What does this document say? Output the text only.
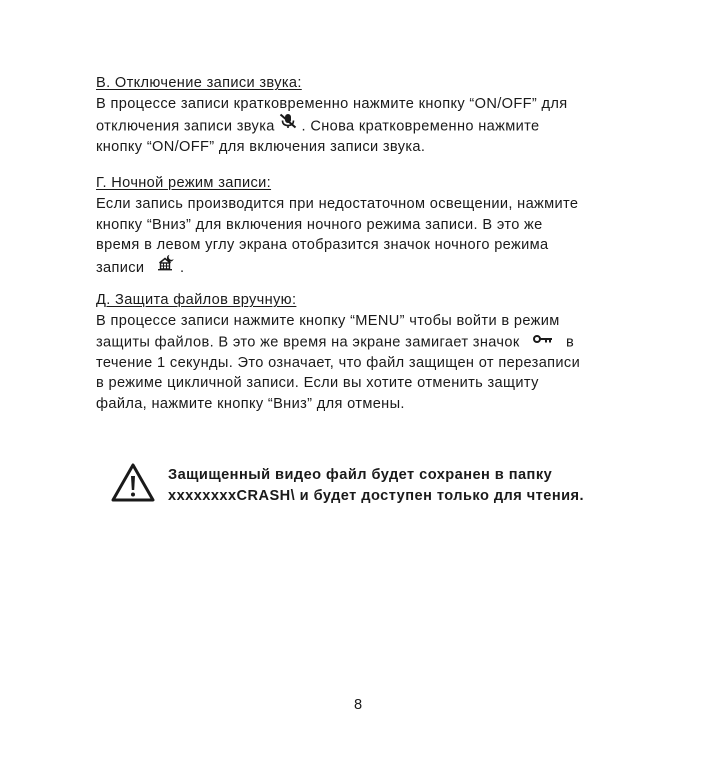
В. Отключение записи звука:
В процессе записи кратковременно нажмите кнопку “ON/OFF” для
отключения записи звука . Снова кратковременно нажмите
кнопку “ON/OFF” для включения записи звука.
Г. Ночной режим записи:
Если запись производится при недостаточном освещении, нажмите
кнопку “Вниз” для включения ночного режима записи. В это же
время в левом углу экрана отобразится значок ночного режима
записи .
Д. Защита файлов вручную:
В процессе записи нажмите кнопку “MENU” чтобы войти в режим
защиты файлов. В это же время на экране замигает значок	в
течение 1 секунды. Это означает, что файл защищен от перезаписи
в режиме цикличной записи. Если вы хотите отменить защиту
файла, нажмите кнопку “Вниз” для отмены.
Защищенный видео файл будет сохранен в папку
xxxxxxxxCRASH\ и будет доступен только для чтения.
8
